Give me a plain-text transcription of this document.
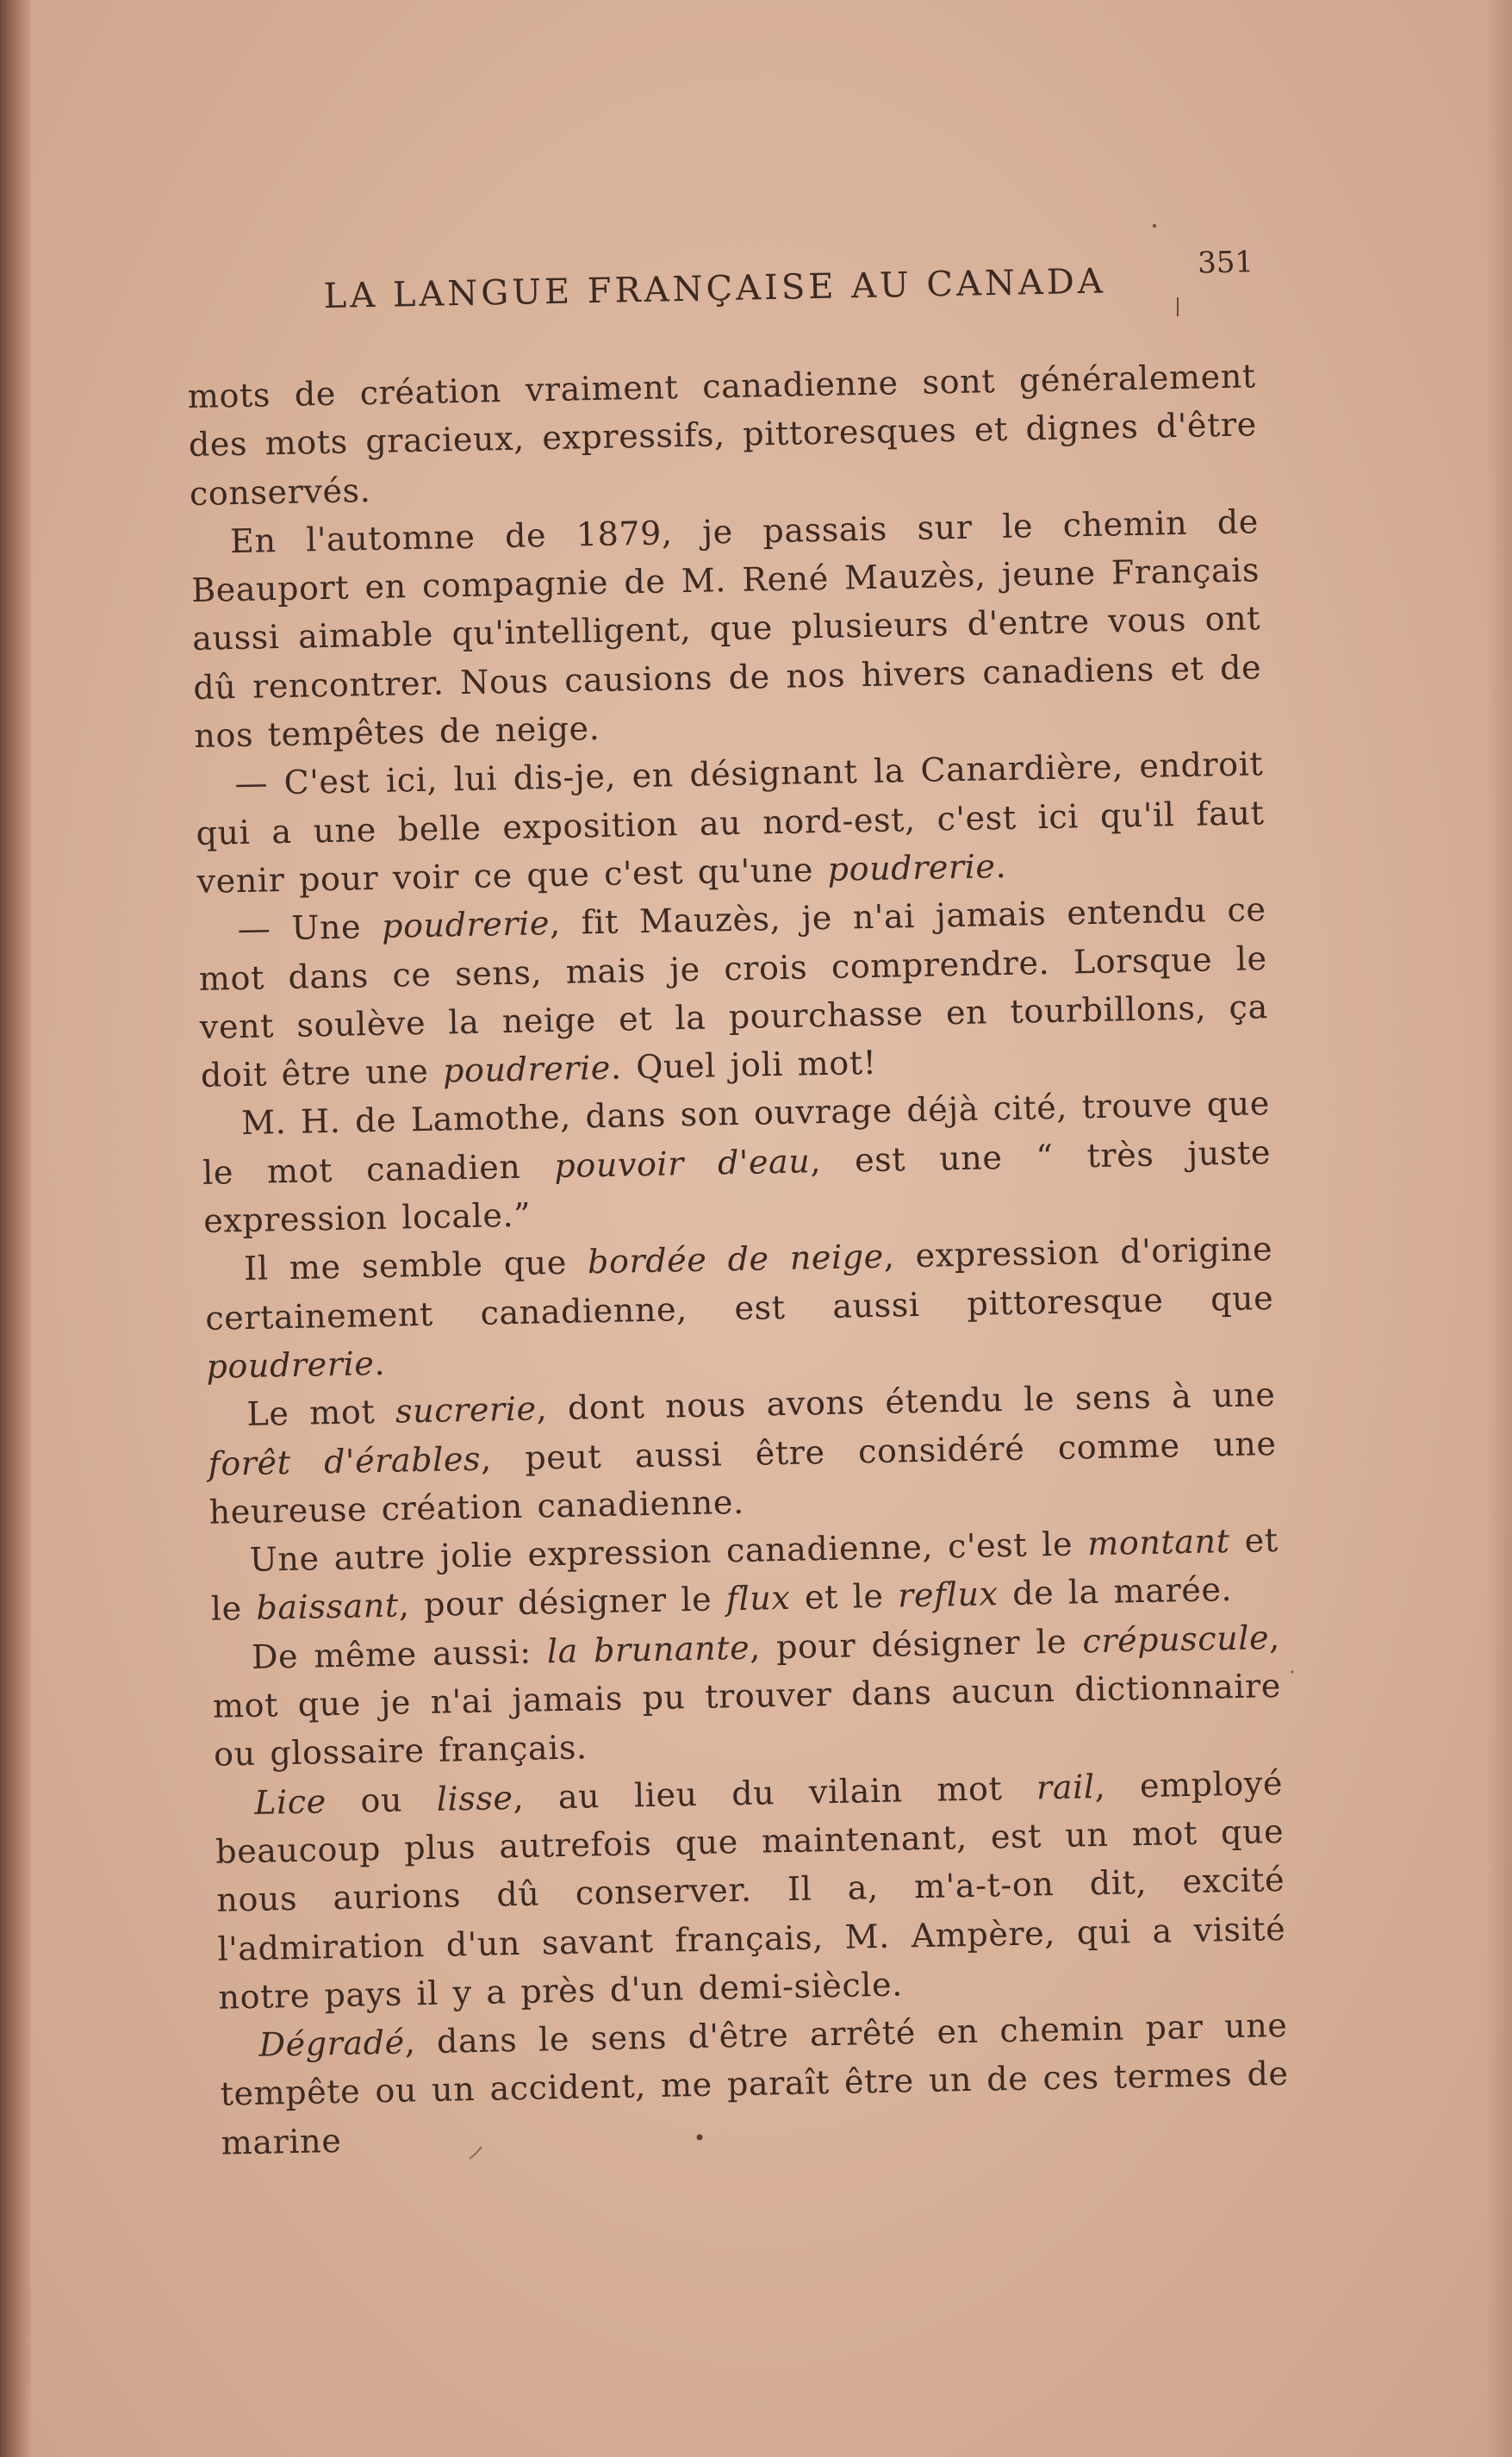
LA LANGUE FRANÇAISE AU CANADA	351

mots de création vraiment canadienne sont généralement des mots gracieux, expressifs, pittoresques et dignes d'être conservés.

En l'automne de 1879, je passais sur le chemin de Beauport en compagnie de M. René Mauzès, jeune Français aussi aimable qu'intelligent, que plusieurs d'entre vous ont dû rencontrer. Nous causions de nos hivers canadiens et de nos tempêtes de neige.

— C'est ici, lui dis-je, en désignant la Canardière, endroit qui a une belle exposition au nord-est, c'est ici qu'il faut venir pour voir ce que c'est qu'une poudrerie.

— Une poudrerie, fit Mauzès, je n'ai jamais entendu ce mot dans ce sens, mais je crois comprendre. Lorsque le vent soulève la neige et la pourchasse en tourbillons, ça doit être une poudrerie. Quel joli mot!

M. H. de Lamothe, dans son ouvrage déjà cité, trouve que le mot canadien pouvoir d'eau, est une “ très juste expression locale.”

Il me semble que bordée de neige, expression d'origine certainement canadienne, est aussi pittoresque que poudrerie.

Le mot sucrerie, dont nous avons étendu le sens à une forêt d'érables, peut aussi être considéré comme une heureuse création canadienne.

Une autre jolie expression canadienne, c'est le montant et le baissant, pour désigner le flux et le reflux de la marée.

De même aussi: la brunante, pour désigner le crépuscule, mot que je n'ai jamais pu trouver dans aucun dictionnaire ou glossaire français.

Lice ou lisse, au lieu du vilain mot rail, employé beaucoup plus autrefois que maintenant, est un mot que nous aurions dû conserver. Il a, m'a-t-on dit, excité l'admiration d'un savant français, M. Ampère, qui a visité notre pays il y a près d'un demi-siècle.

Dégradé, dans le sens d'être arrêté en chemin par une tempête ou un accident, me paraît être un de ces termes de marine
